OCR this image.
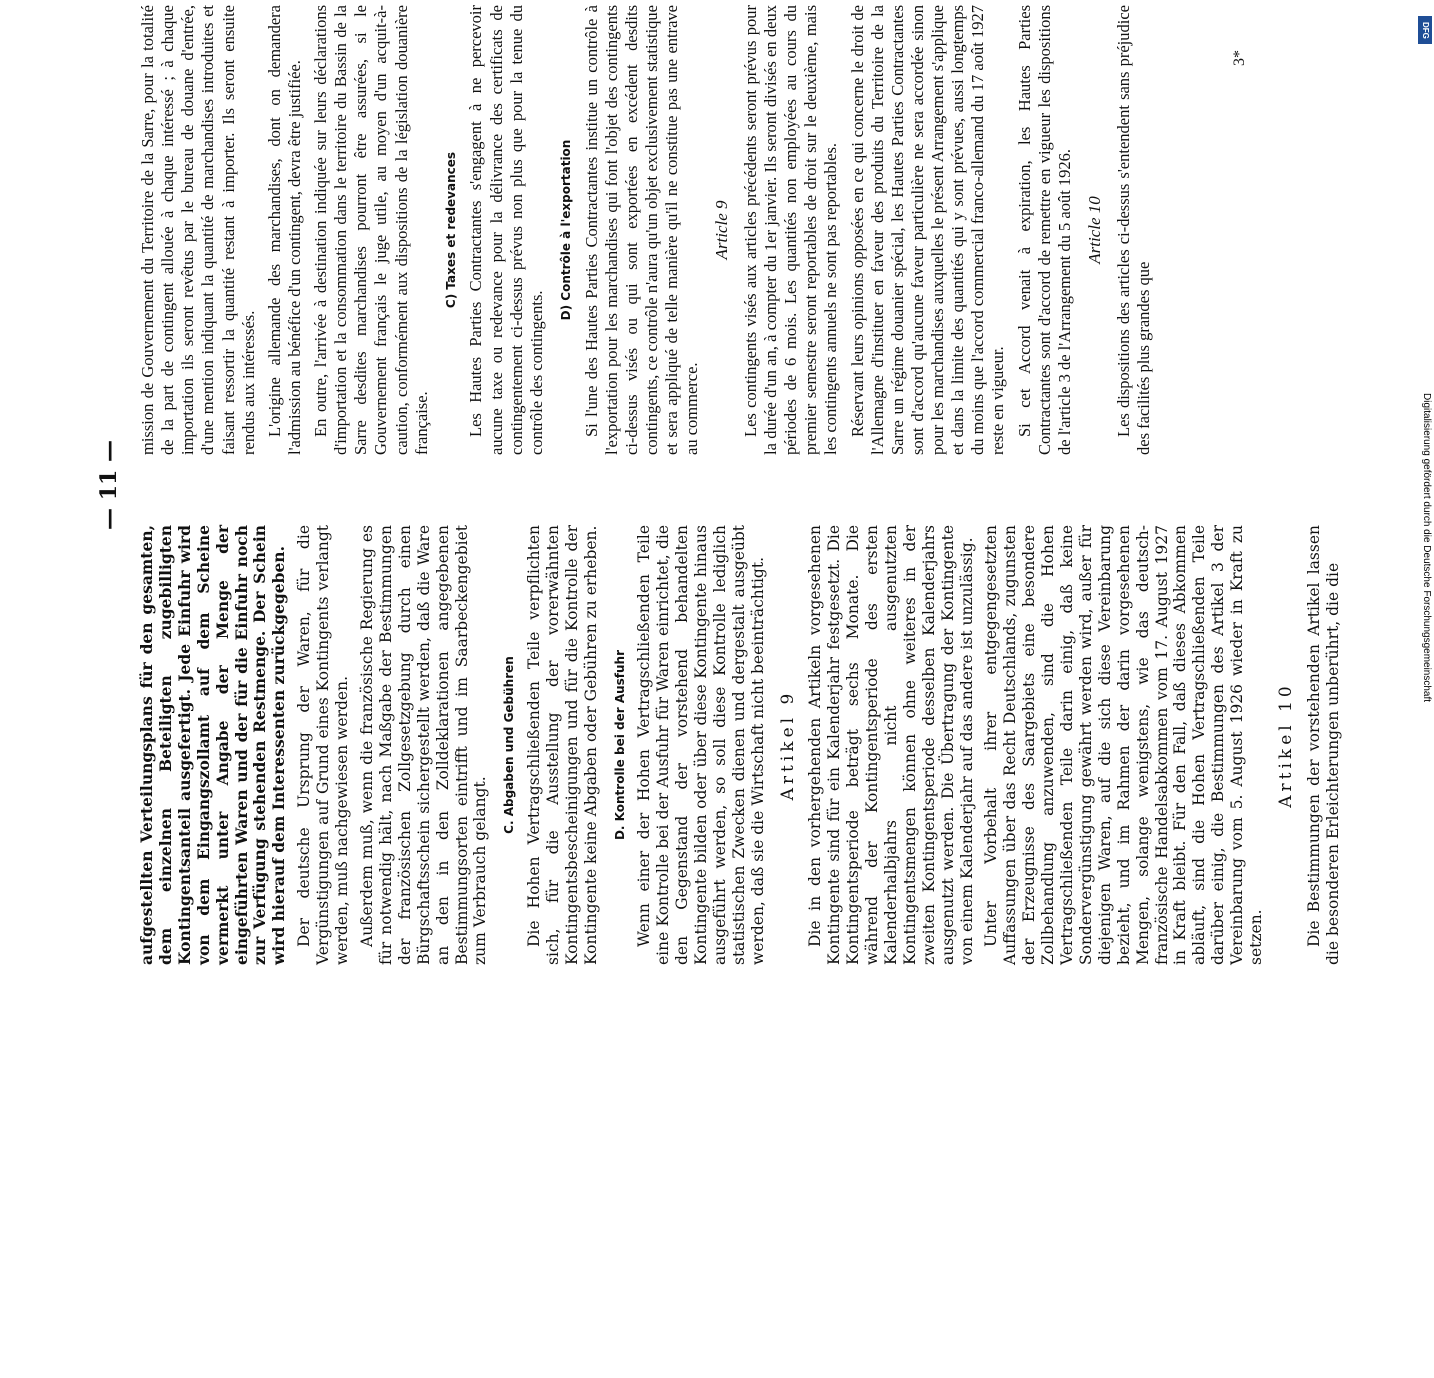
— 11 —

aufgestellten Verteilungsplans für den gesamten, dem einzelnen Beteiligten zugebilligten Kontingentsanteil ausgefertigt. Jede Einfuhr wird von dem Eingangszollamt auf dem Scheine vermerkt unter Angabe der Menge der eingeführten Waren und der für die Einfuhr noch zur Verfügung stehenden Restmenge. Der Schein wird hierauf dem Interessenten zurückgegeben. Der deutsche Ursprung der Waren, für die Vergünstigungen auf Grund eines Kontingents verlangt werden, muß nachgewiesen werden. Außerdem muß, wenn die französische Regierung es für notwendig hält, nach Maßgabe der Bestimmungen der französischen Zollgesetzgebung durch einen Bürgschaftsschein sichergestellt werden, daß die Ware an den in den Zolldeklarationen angegebenen Bestimmungsorten eintrifft und im Saarbeckengebiet zum Verbrauch gelangt.

C. Abgaben und Gebühren Die Hohen Vertragschließenden Teile verpflichten sich, für die Ausstellung der vorerwähnten Kontingentsbescheinigungen und für die Kontrolle der Kontingente keine Abgaben oder Gebühren zu erheben. D. Kontrolle bei der Ausfuhr Wenn einer der Hohen Vertragschließenden Teile eine Kontrolle bei der Ausfuhr für Waren einrichtet, die den Gegenstand der vorstehend behandelten Kontingente bilden oder über diese Kontingente hinaus ausgeführt werden, so soll diese Kontrolle lediglich statistischen Zwecken dienen und dergestalt ausgeübt werden, daß sie die Wirtschaft nicht beeinträchtigt. Artikel 9 Die in den vorhergehenden Artikeln vorgesehenen Kontingente sind für ein Kalenderjahr festgesetzt. Die Kontingentsperiode beträgt sechs Monate. Die während der Kontingentsperiode des ersten Kalenderhalbjahrs nicht ausgenutzten Kontingentsmengen können ohne weiteres in der zweiten Kontingentsperiode desselben Kalenderjahrs ausgenutzt werden. Die Übertragung der Kontingente von einem Kalenderjahr auf das andere ist unzulässig. Unter Vorbehalt ihrer entgegengesetzten Auffassungen über das Recht Deutschlands, zugunsten der Erzeugnisse des Saargebiets eine besondere Zollbehandlung anzuwenden, sind die Hohen Vertragschließenden Teile darin einig, daß keine Sondervergünstigung gewährt werden wird, außer für diejenigen Waren, auf die sich diese Vereinbarung bezieht, und im Rahmen der darin vorgesehenen Mengen, solange wenigstens, wie das deutsch-französische Handelsabkommen vom 17. August 1927 in Kraft bleibt. Für den Fall, daß dieses Abkommen abläuft, sind die Hohen Vertragschließenden Teile darüber einig, die Bestimmungen des Artikel 3 der Vereinbarung vom 5. August 1926 wieder in Kraft zu setzen.

Artikel 10 Die Bestimmungen der vorstehenden Artikel lassen die besonderen Erleichterungen unberührt, die die

mission de Gouvernement du Territoire de la Sarre, pour la totalité de la part de contingent allouée à chaque intéressé ; à chaque importation ils seront revêtus par le bureau de douane d'entrée, d'une mention indiquant la quantité de marchandises introduites et faisant ressortir la quantité restant à importer. Ils seront ensuite rendus aux intéressés. L'origine allemande des marchandises, dont on demandera l'admission au bénéfice d'un contingent, devra être justifiée. En outre, l'arrivée à destination indiquée sur leurs déclarations d'importation et la consommation dans le territoire du Bassin de la Sarre desdites marchandises pourront être assurées, si le Gouvernement français le juge utile, au moyen d'un acquit-à-caution, conformément aux dispositions de la législation douanière française.

C) Taxes et redevances Les Hautes Parties Contractantes s'engagent à ne percevoir aucune taxe ou redevance pour la délivrance des certificats de contingentement ci-dessus prévus non plus que pour la tenue du contrôle des contingents.

D) Contrôle à l'exportation Si l'une des Hautes Parties Contractantes institue un contrôle à l'exportation pour les marchandises qui font l'objet des contingents ci-dessus visés ou qui sont exportées en excédent desdits contingents, ce contrôle n'aura qu'un objet exclusivement statistique et sera appliqué de telle manière qu'il ne constitue pas une entrave au commerce.

Article 9 Les contingents visés aux articles précédents seront prévus pour la durée d'un an, à compter du 1er janvier. Ils seront divisés en deux périodes de 6 mois. Les quantités non employées au cours du premier semestre seront reportables de droit sur le deuxième, mais les contingents annuels ne sont pas reportables. Réservant leurs opinions opposées en ce qui concerne le droit de l'Allemagne d'instituer en faveur des produits du Territoire de la Sarre un régime douanier spécial, les Hautes Parties Contractantes sont d'accord qu'aucune faveur particulière ne sera accordée sinon pour les marchandises auxquelles le présent Arrangement s'applique et dans la limite des quantités qui y sont prévues, aussi longtemps du moins que l'accord commercial franco-allemand du 17 août 1927 reste en vigueur. Si cet Accord venait à expiration, les Hautes Parties Contractantes sont d'accord de remettre en vigueur les dispositions de l'article 3 de l'Arrangement du 5 août 1926. Article 10 Les dispositions des articles ci-dessus s'entendent sans préjudice des facilités plus grandes que

3*
DFG
Digitalisierung gefördert durch die Deutsche Forschungsgemeinschaft
